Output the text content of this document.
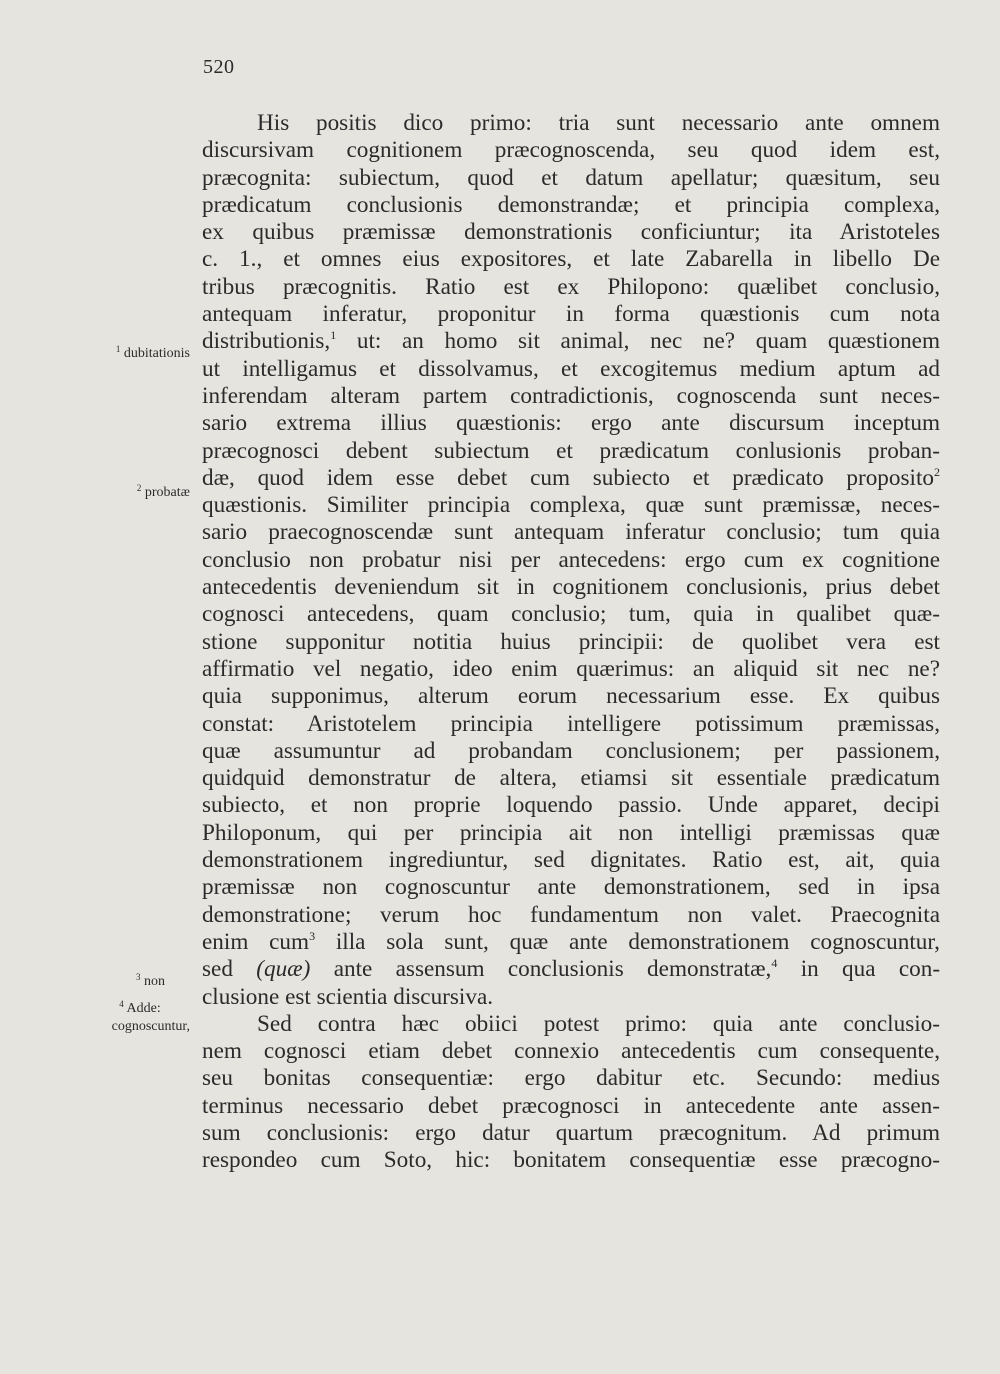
520
His positis dico primo: tria sunt necessario ante omnem
discursivam cognitionem præcognoscenda, seu quod idem est,
præcognita: subiectum, quod et datum apellatur; quæsitum, seu
prædicatum conclusionis demonstrandæ; et principia complexa,
ex quibus præmissæ demonstrationis conficiuntur; ita Aristoteles
c. 1., et omnes eius expositores, et late Zabarella in libello De
tribus præcognitis. Ratio est ex Philopono: quælibet conclusio,
antequam inferatur, proponitur in forma quæstionis cum nota
distributionis,$^1$ ut: an homo sit animal, nec ne? quam quæstionem
ut intelligamus et dissolvamus, et excogitemus medium aptum ad
inferendam alteram partem contradictionis, cognoscenda sunt neces-
sario extrema illius quæstionis: ergo ante discursum inceptum
præcognosci debent subiectum et prædicatum conlusionis proban-
dæ, quod idem esse debet cum subiecto et prædicato proposito$^2$
quæstionis. Similiter principia complexa, quæ sunt præmissæ, neces-
sario praecognoscendæ sunt antequam inferatur conclusio; tum quia
conclusio non probatur nisi per antecedens: ergo cum ex cognitione
antecedentis deveniendum sit in cognitionem conclusionis, prius debet
cognosci antecedens, quam conclusio; tum, quia in qualibet quæ-
stione supponitur notitia huius principii: de quolibet vera est
affirmatio vel negatio, ideo enim quærimus: an aliquid sit nec ne?
quia supponimus, alterum eorum necessarium esse. Ex quibus
constat: Aristotelem principia intelligere potissimum præmissas,
quæ assumuntur ad probandam conclusionem; per passionem,
quidquid demonstratur de altera, etiamsi sit essentiale prædicatum
subiecto, et non proprie loquendo passio. Unde apparet, decipi
Philoponum, qui per principia ait non intelligi præmissas quæ
demonstrationem ingrediuntur, sed dignitates. Ratio est, ait, quia
præmissæ non cognoscuntur ante demonstrationem, sed in ipsa
demonstratione; verum hoc fundamentum non valet. Praecognita
enim cum$^3$ illa sola sunt, quæ ante demonstrationem cognoscuntur,
sed (quæ) ante assensum conclusionis demonstratæ,$^4$ in qua con-
clusione est scientia discursiva.
Sed contra hæc obiici potest primo: quia ante conclusio-
nem cognosci etiam debet connexio antecedentis cum consequente,
seu bonitas consequentiæ: ergo dabitur etc. Secundo: medius
terminus necessario debet præcognosci in antecedente ante assen-
sum conclusionis: ergo datur quartum præcognitum. Ad primum
respondeo cum Soto, hic: bonitatem consequentiæ esse præcogno-
$^1$ dubitationis
$^2$ probatæ
$^3$ non
$^4$ Adde:
cognoscuntur,
